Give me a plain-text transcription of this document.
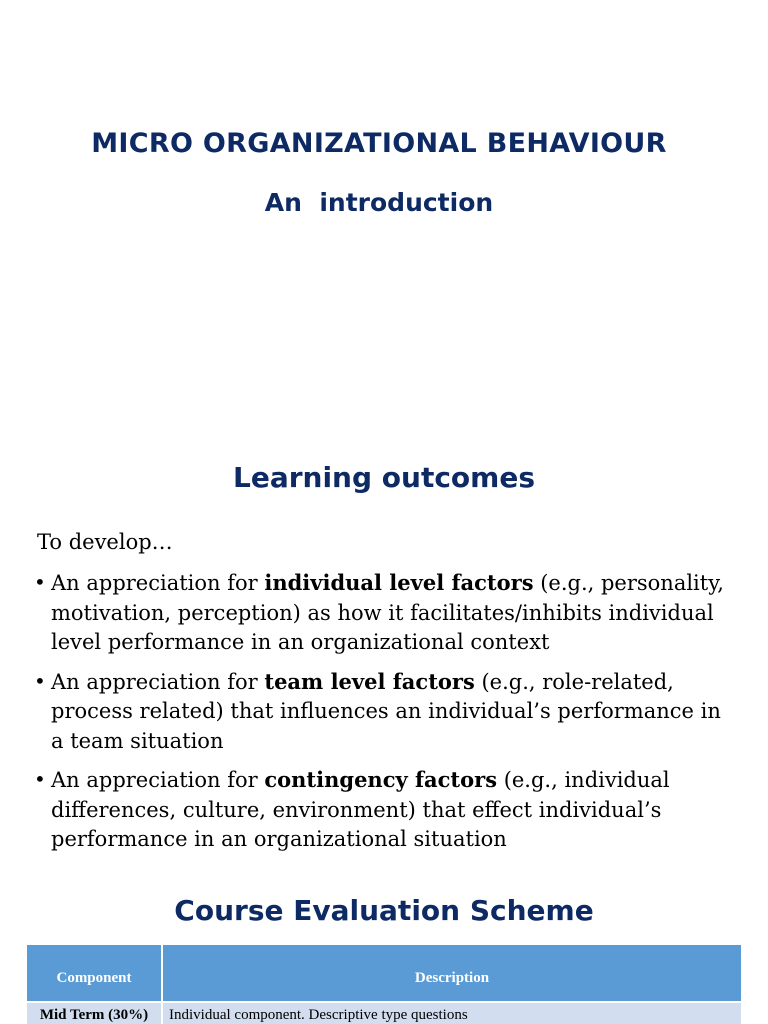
MICRO ORGANIZATIONAL BEHAVIOUR
An  introduction
Learning outcomes
To develop…
• An appreciation for individual level factors (e.g., personality, motivation, perception) as how it facilitates/inhibits individual level performance in an organizational context
• An appreciation for team level factors (e.g., role-related, process related) that influences an individual’s performance in a team situation
• An appreciation for contingency factors (e.g., individual differences, culture, environment) that effect individual’s performance in an organizational situation
Course Evaluation Scheme
Component	Description
Mid Term (30%)	Individual component. Descriptive type questions
